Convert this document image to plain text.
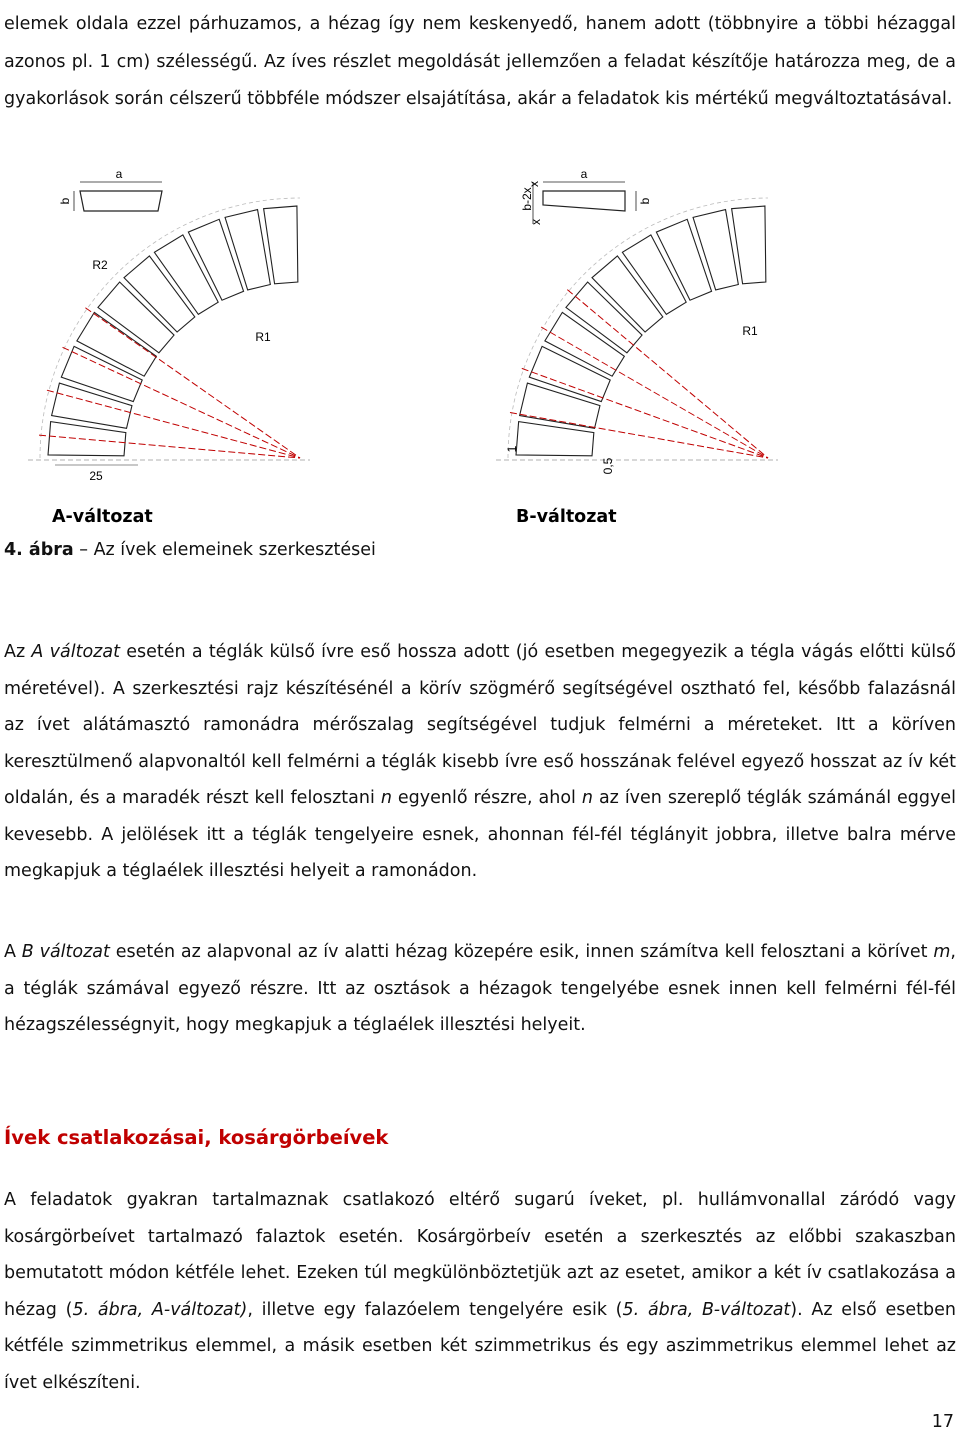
elemek oldala ezzel párhuzamos, a hézag így nem keskenyedő, hanem adott (többnyire a többi hézaggal azonos pl. 1 cm) szélességű. Az íves részlet megoldását jellemzően a feladat készítője határozza meg, de a gyakorlások során célszerű többféle módszer elsajátítása, akár a feladatok kis mértékű megváltoztatásával.

a
b
R2
R1
25
A-változat
a
b
x
b-2x
x
R1
1
0,5
B-változat

4. ábra – Az ívek elemeinek szerkesztései

Az A változat esetén a téglák külső ívre eső hossza adott (jó esetben megegyezik a tégla vágás előtti külső méretével). A szerkesztési rajz készítésénél a körív szögmérő segítségével osztható fel, később falazásnál az ívet alátámasztó ramonádra mérőszalag segítségével tudjuk felmérni a méreteket. Itt a köríven keresztülmenő alapvonaltól kell felmérni a téglák kisebb ívre eső hosszának felével egyező hosszat az ív két oldalán, és a maradék részt kell felosztani n egyenlő részre, ahol n az íven szereplő téglák számánál eggyel kevesebb. A jelölések itt a téglák tengelyeire esnek, ahonnan fél-fél téglányit jobbra, illetve balra mérve megkapjuk a téglaélek illesztési helyeit a ramonádon.

A B változat esetén az alapvonal az ív alatti hézag közepére esik, innen számítva kell felosztani a körívet m, a téglák számával egyező részre. Itt az osztások a hézagok tengelyébe esnek innen kell felmérni fél-fél hézagszélességnyit, hogy megkapjuk a téglaélek illesztési helyeit.

Ívek csatlakozásai, kosárgörbeívek

A feladatok gyakran tartalmaznak csatlakozó eltérő sugarú íveket, pl. hullámvonallal záródó vagy kosárgörbeívet tartalmazó falaztok esetén. Kosárgörbeív esetén a szerkesztés az előbbi szakaszban bemutatott módon kétféle lehet. Ezeken túl megkülönböztetjük azt az esetet, amikor a két ív csatlakozása a hézag (5. ábra, A-változat), illetve egy falazóelem tengelyére esik (5. ábra, B-változat). Az első esetben kétféle szimmetrikus elemmel, a másik esetben két szimmetrikus és egy aszimmetrikus elemmel lehet az ívet elkészíteni.

17
